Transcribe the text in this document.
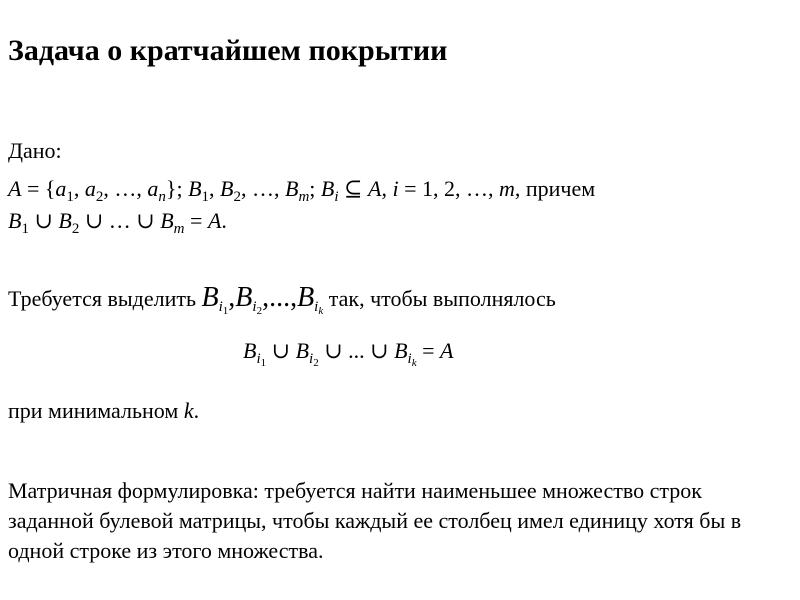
Задача о кратчайшем покрытии
Дано:
$A = \{a_1$, $a_2$, …, $a_n$}; $B_1$, $B_2$, …, $B_m$; $B_i$ ⊆ A, i = 1, 2, …, m, причем
$B_1$ ∪ $B_2$ ∪ … ∪ $B_m = A$.
Требуется выделить $B_{i_1},B_{i_2},...,B_{i_k}$ так, чтобы выполнялось
$B_{i_1}$ ∪ $B_{i_2}$ ∪ ... ∪ $B_{i_k} = A$
при минимальном k.
Матричная формулировка: требуется найти наименьшее множество строк заданной булевой матрицы, чтобы каждый ее столбец имел единицу хотя бы в одной строке из этого множества.
